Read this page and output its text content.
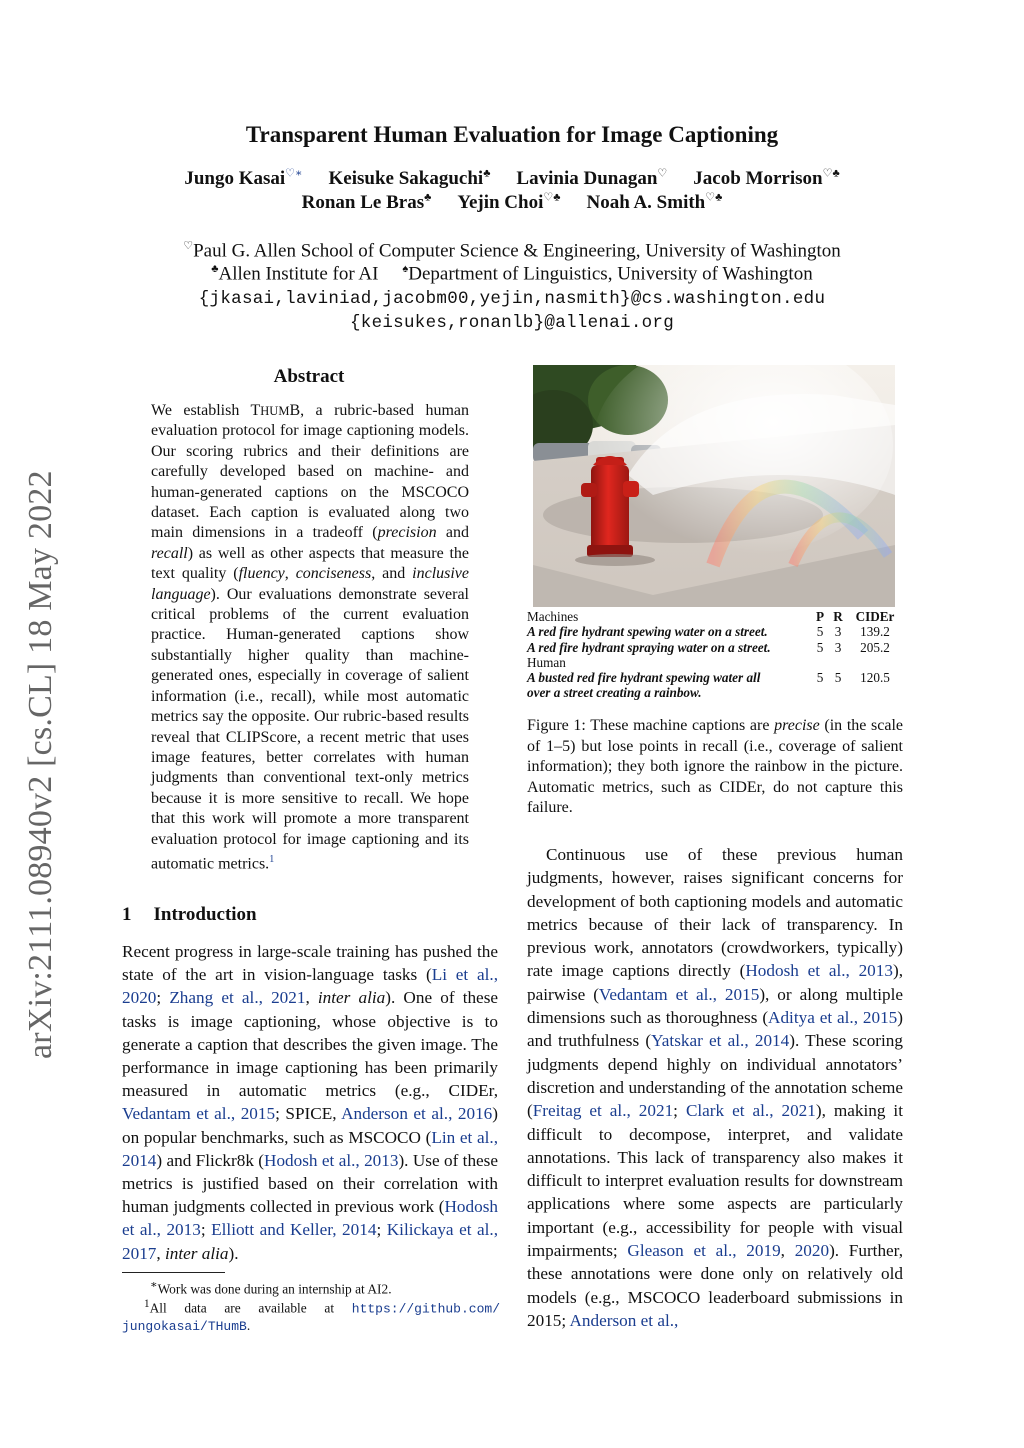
arXiv:2111.08940v2 [cs.CL] 18 May 2022
Transparent Human Evaluation for Image Captioning
Jungo Kasai♡∗ Keisuke Sakaguchi♣ Lavinia Dunagan♡ Jacob Morrison♡♣
Ronan Le Bras♣ Yejin Choi♡♣ Noah A. Smith♡♣
♡Paul G. Allen School of Computer Science & Engineering, University of Washington
♣Allen Institute for AI ♠Department of Linguistics, University of Washington
{jkasai,laviniad,jacobm00,yejin,nasmith}@cs.washington.edu
{keisukes,ronanlb}@allenai.org
Abstract
We establish THUMB, a rubric-based human evaluation protocol for image captioning models. Our scoring rubrics and their definitions are carefully developed based on machine- and human-generated captions on the MSCOCO dataset. Each caption is evaluated along two main dimensions in a tradeoff (precision and recall) as well as other aspects that measure the text quality (fluency, conciseness, and inclusive language). Our evaluations demonstrate several critical problems of the current evaluation practice. Human-generated captions show substantially higher quality than machine-generated ones, especially in coverage of salient information (i.e., recall), while most automatic metrics say the opposite. Our rubric-based results reveal that CLIPScore, a recent metric that uses image features, better correlates with human judgments than conventional text-only metrics because it is more sensitive to recall. We hope that this work will promote a more transparent evaluation protocol for image captioning and its automatic metrics.$^1$
1 Introduction
Recent progress in large-scale training has pushed the state of the art in vision-language tasks (Li et al., 2020; Zhang et al., 2021, inter alia). One of these tasks is image captioning, whose objective is to generate a caption that describes the given image. The performance in image captioning has been primarily measured in automatic metrics (e.g., CIDEr, Vedantam et al., 2015; SPICE, Anderson et al., 2016) on popular benchmarks, such as MSCOCO (Lin et al., 2014) and Flickr8k (Hodosh et al., 2013). Use of these metrics is justified based on their correlation with human judgments collected in previous work (Hodosh et al., 2013; Elliott and Keller, 2014; Kilickaya et al., 2017, inter alia).
∗Work was done during an internship at AI2.
$^1$All data are available at https://github.com/ jungokasai/THumB.
Machines	P R CIDEr
A red fire hydrant spewing water on a street.	5 3	139.2
A red fire hydrant spraying water on a street.	5 3	205.2
Human
A busted red fire hydrant spewing water all	5 5	120.5
over a street creating a rainbow.
Figure 1: These machine captions are precise (in the scale of 1–5) but lose points in recall (i.e., coverage of salient information); they both ignore the rainbow in the picture. Automatic metrics, such as CIDEr, do not capture this failure.
Continuous use of these previous human judgments, however, raises significant concerns for development of both captioning models and automatic metrics because of their lack of transparency. In previous work, annotators (crowdworkers, typically) rate image captions directly (Hodosh et al., 2013), pairwise (Vedantam et al., 2015), or along multiple dimensions such as thoroughness (Aditya et al., 2015) and truthfulness (Yatskar et al., 2014). These scoring judgments depend highly on individual annotators’ discretion and understanding of the annotation scheme (Freitag et al., 2021; Clark et al., 2021), making it difficult to decompose, interpret, and validate annotations. This lack of transparency also makes it difficult to interpret evaluation results for downstream applications where some aspects are particularly important (e.g., accessibility for people with visual impairments; Gleason et al., 2019, 2020). Further, these annotations were done only on relatively old models (e.g., MSCOCO leaderboard submissions in 2015; Anderson et al.,
